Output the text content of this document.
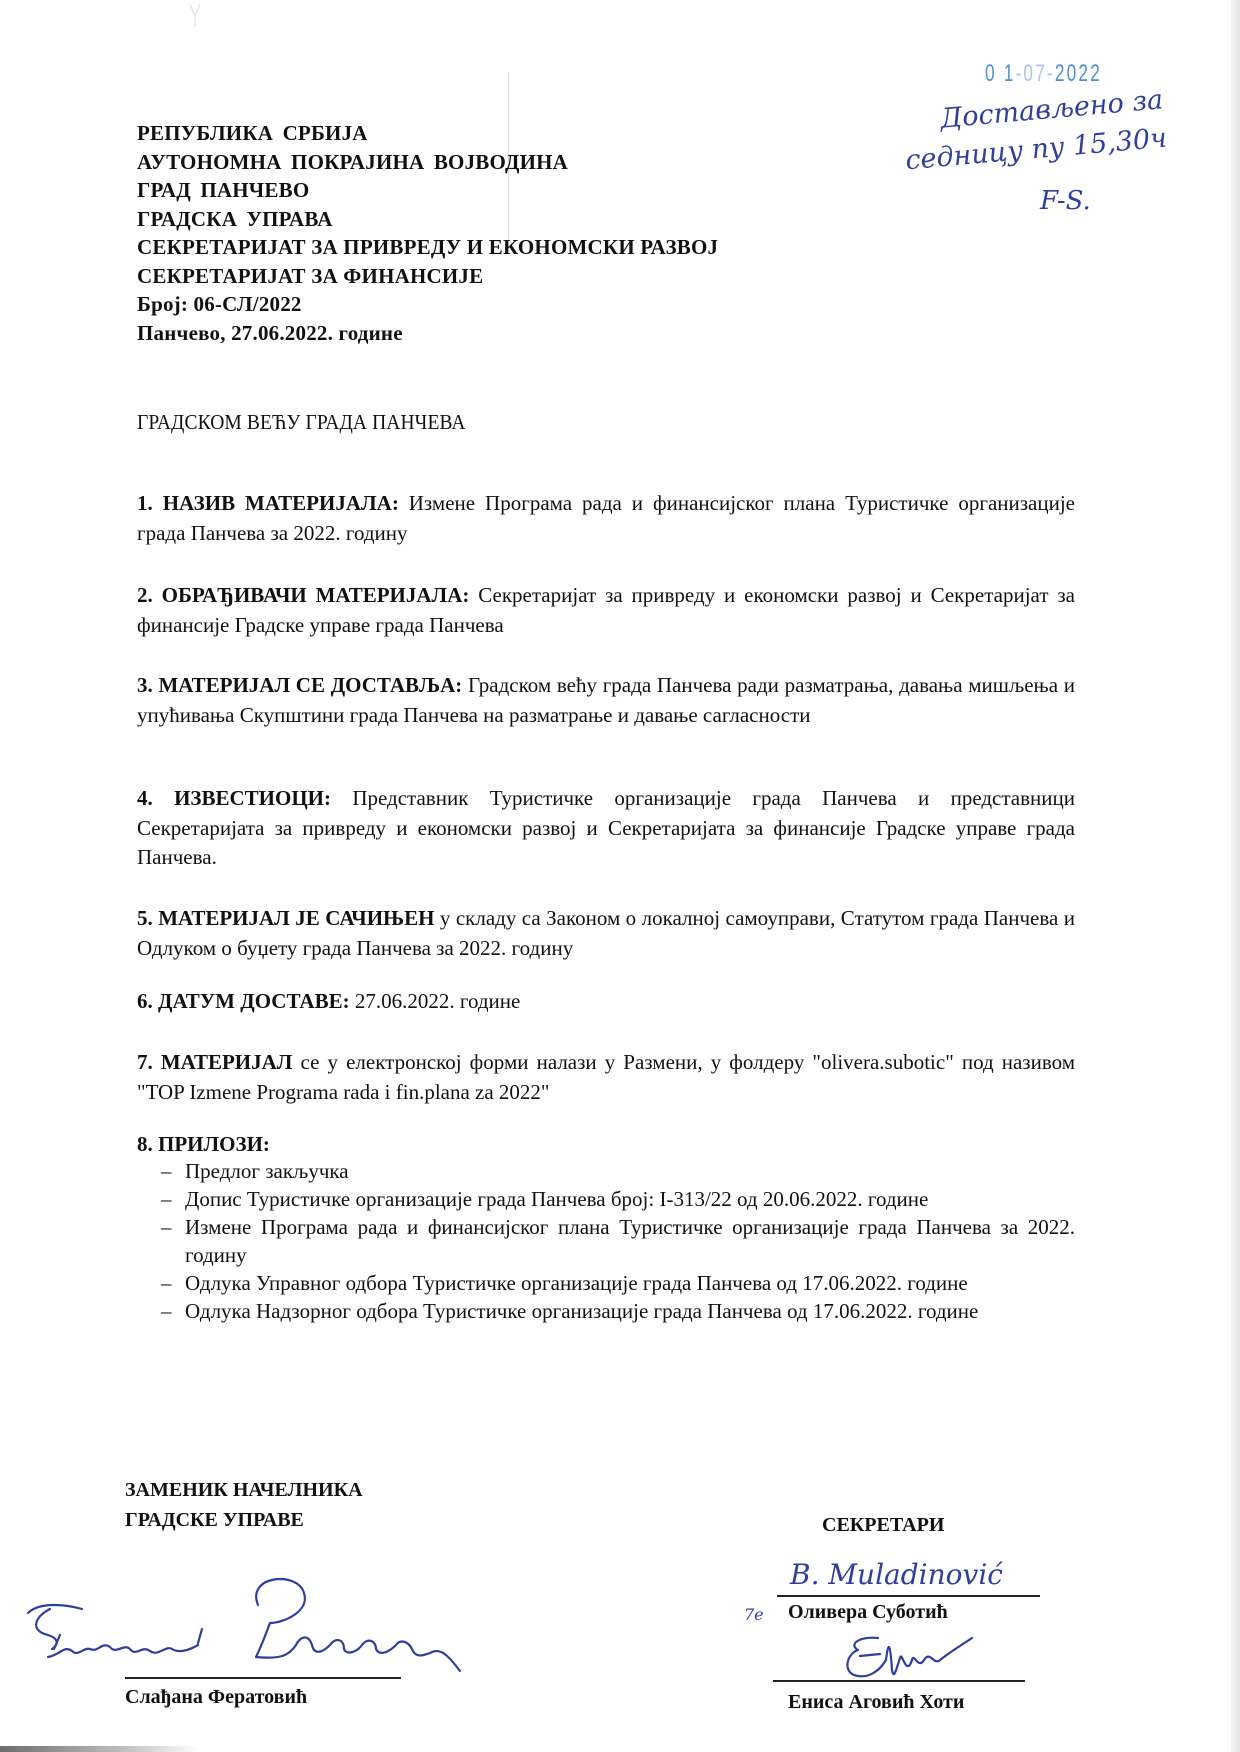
0 1-07-2022
Достављено за
седницу пу 15,30ч
F-S.
РЕПУБЛИКА СРБИЈА
АУТОНОМНА ПОКРАЈИНА ВОЈВОДИНА
ГРАД ПАНЧЕВО
ГРАДСКА УПРАВА
СЕКРЕТАРИЈАТ ЗА ПРИВРЕДУ И ЕКОНОМСКИ РАЗВОЈ
СЕКРЕТАРИЈАТ ЗА ФИНАНСИЈЕ
Број: 06-СЛ/2022
Панчево, 27.06.2022. године
ГРАДСКОМ ВЕЋУ ГРАДА ПАНЧЕВА
1. НАЗИВ МАТЕРИЈАЛА: Измене Програма рада и финансијског плана Туристичке организације града Панчева за 2022. годину
2. ОБРАЂИВАЧИ МАТЕРИЈАЛА: Секретаријат за привреду и економски развој и Секретаријат за финансије Градске управе града Панчева
3. МАТЕРИЈАЛ СЕ ДОСТАВЉА: Градском већу града Панчева ради разматрања, давања мишљења и упућивања Скупштини града Панчева на разматрање и давање сагласности
4. ИЗВЕСТИОЦИ: Представник Туристичке организације града Панчева и представници Секретаријата за привреду и економски развој и Секретаријата за финансије Градске управе града Панчева.
5. МАТЕРИЈАЛ ЈЕ САЧИЊЕН у складу са Законом о локалној самоуправи, Статутом града Панчева и Одлуком о буџету града Панчева за 2022. годину
6. ДАТУМ ДОСТАВЕ: 27.06.2022. године
7. МАТЕРИЈАЛ се у електронској форми налази у Размени, у фолдеру "olivera.subotic" под називом "TOP Izmene Programa rada i fin.plana za 2022"
8. ПРИЛОЗИ:
– Предлог закључка
– Допис Туристичке организације града Панчева број: I-313/22 од 20.06.2022. године
– Измене Програма рада и финансијског плана Туристичке организације града Панчева за 2022. годину
– Одлука Управног одбора Туристичке организације града Панчева од 17.06.2022. године
– Одлука Надзорног одбора Туристичке организације града Панчева од 17.06.2022. године
ЗАМЕНИК НАЧЕЛНИКА
ГРАДСКЕ УПРАВЕ
Слађана Фератовић
СЕКРЕТАРИ
В. Миladinović
7e Оливера Суботић
Ениса Аговић Хоти
